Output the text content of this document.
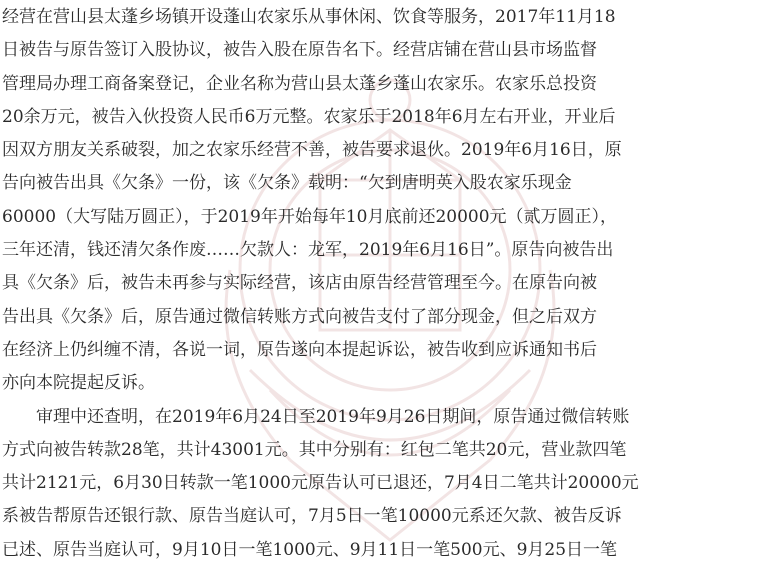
经营在营山县太蓬乡场镇开设蓬山农家乐从事休闲、饮食等服务，2017年11月18
日被告与原告签订入股协议，被告入股在原告名下。经营店铺在营山县市场监督
管理局办理工商备案登记，企业名称为营山县太蓬乡蓬山农家乐。农家乐总投资
20余万元，被告入伙投资人民币6万元整。农家乐于2018年6月左右开业，开业后
因双方朋友关系破裂，加之农家乐经营不善，被告要求退伙。2019年6月16日，原
告向被告出具《欠条》一份，该《欠条》载明：“欠到唐明英入股农家乐现金
60000（大写陆万圆正），于2019年开始每年10月底前还20000元（贰万圆正），
三年还清，钱还清欠条作废……欠款人：龙军，2019年6月16日”。原告向被告出
具《欠条》后，被告未再参与实际经营，该店由原告经营管理至今。在原告向被
告出具《欠条》后，原告通过微信转账方式向被告支付了部分现金，但之后双方
在经济上仍纠缠不清，各说一词，原告遂向本提起诉讼，被告收到应诉通知书后
亦向本院提起反诉。
　　审理中还查明，在2019年6月24日至2019年9月26日期间，原告通过微信转账
方式向被告转款28笔，共计43001元。其中分别有：红包二笔共20元，营业款四笔
共计2121元，6月30日转款一笔1000元原告认可已退还，7月4日二笔共计20000元
系被告帮原告还银行款、原告当庭认可，7月5日一笔10000元系还欠款、被告反诉
已述、原告当庭认可，9月10日一笔1000元、9月11日一笔500元、9月25日一笔
